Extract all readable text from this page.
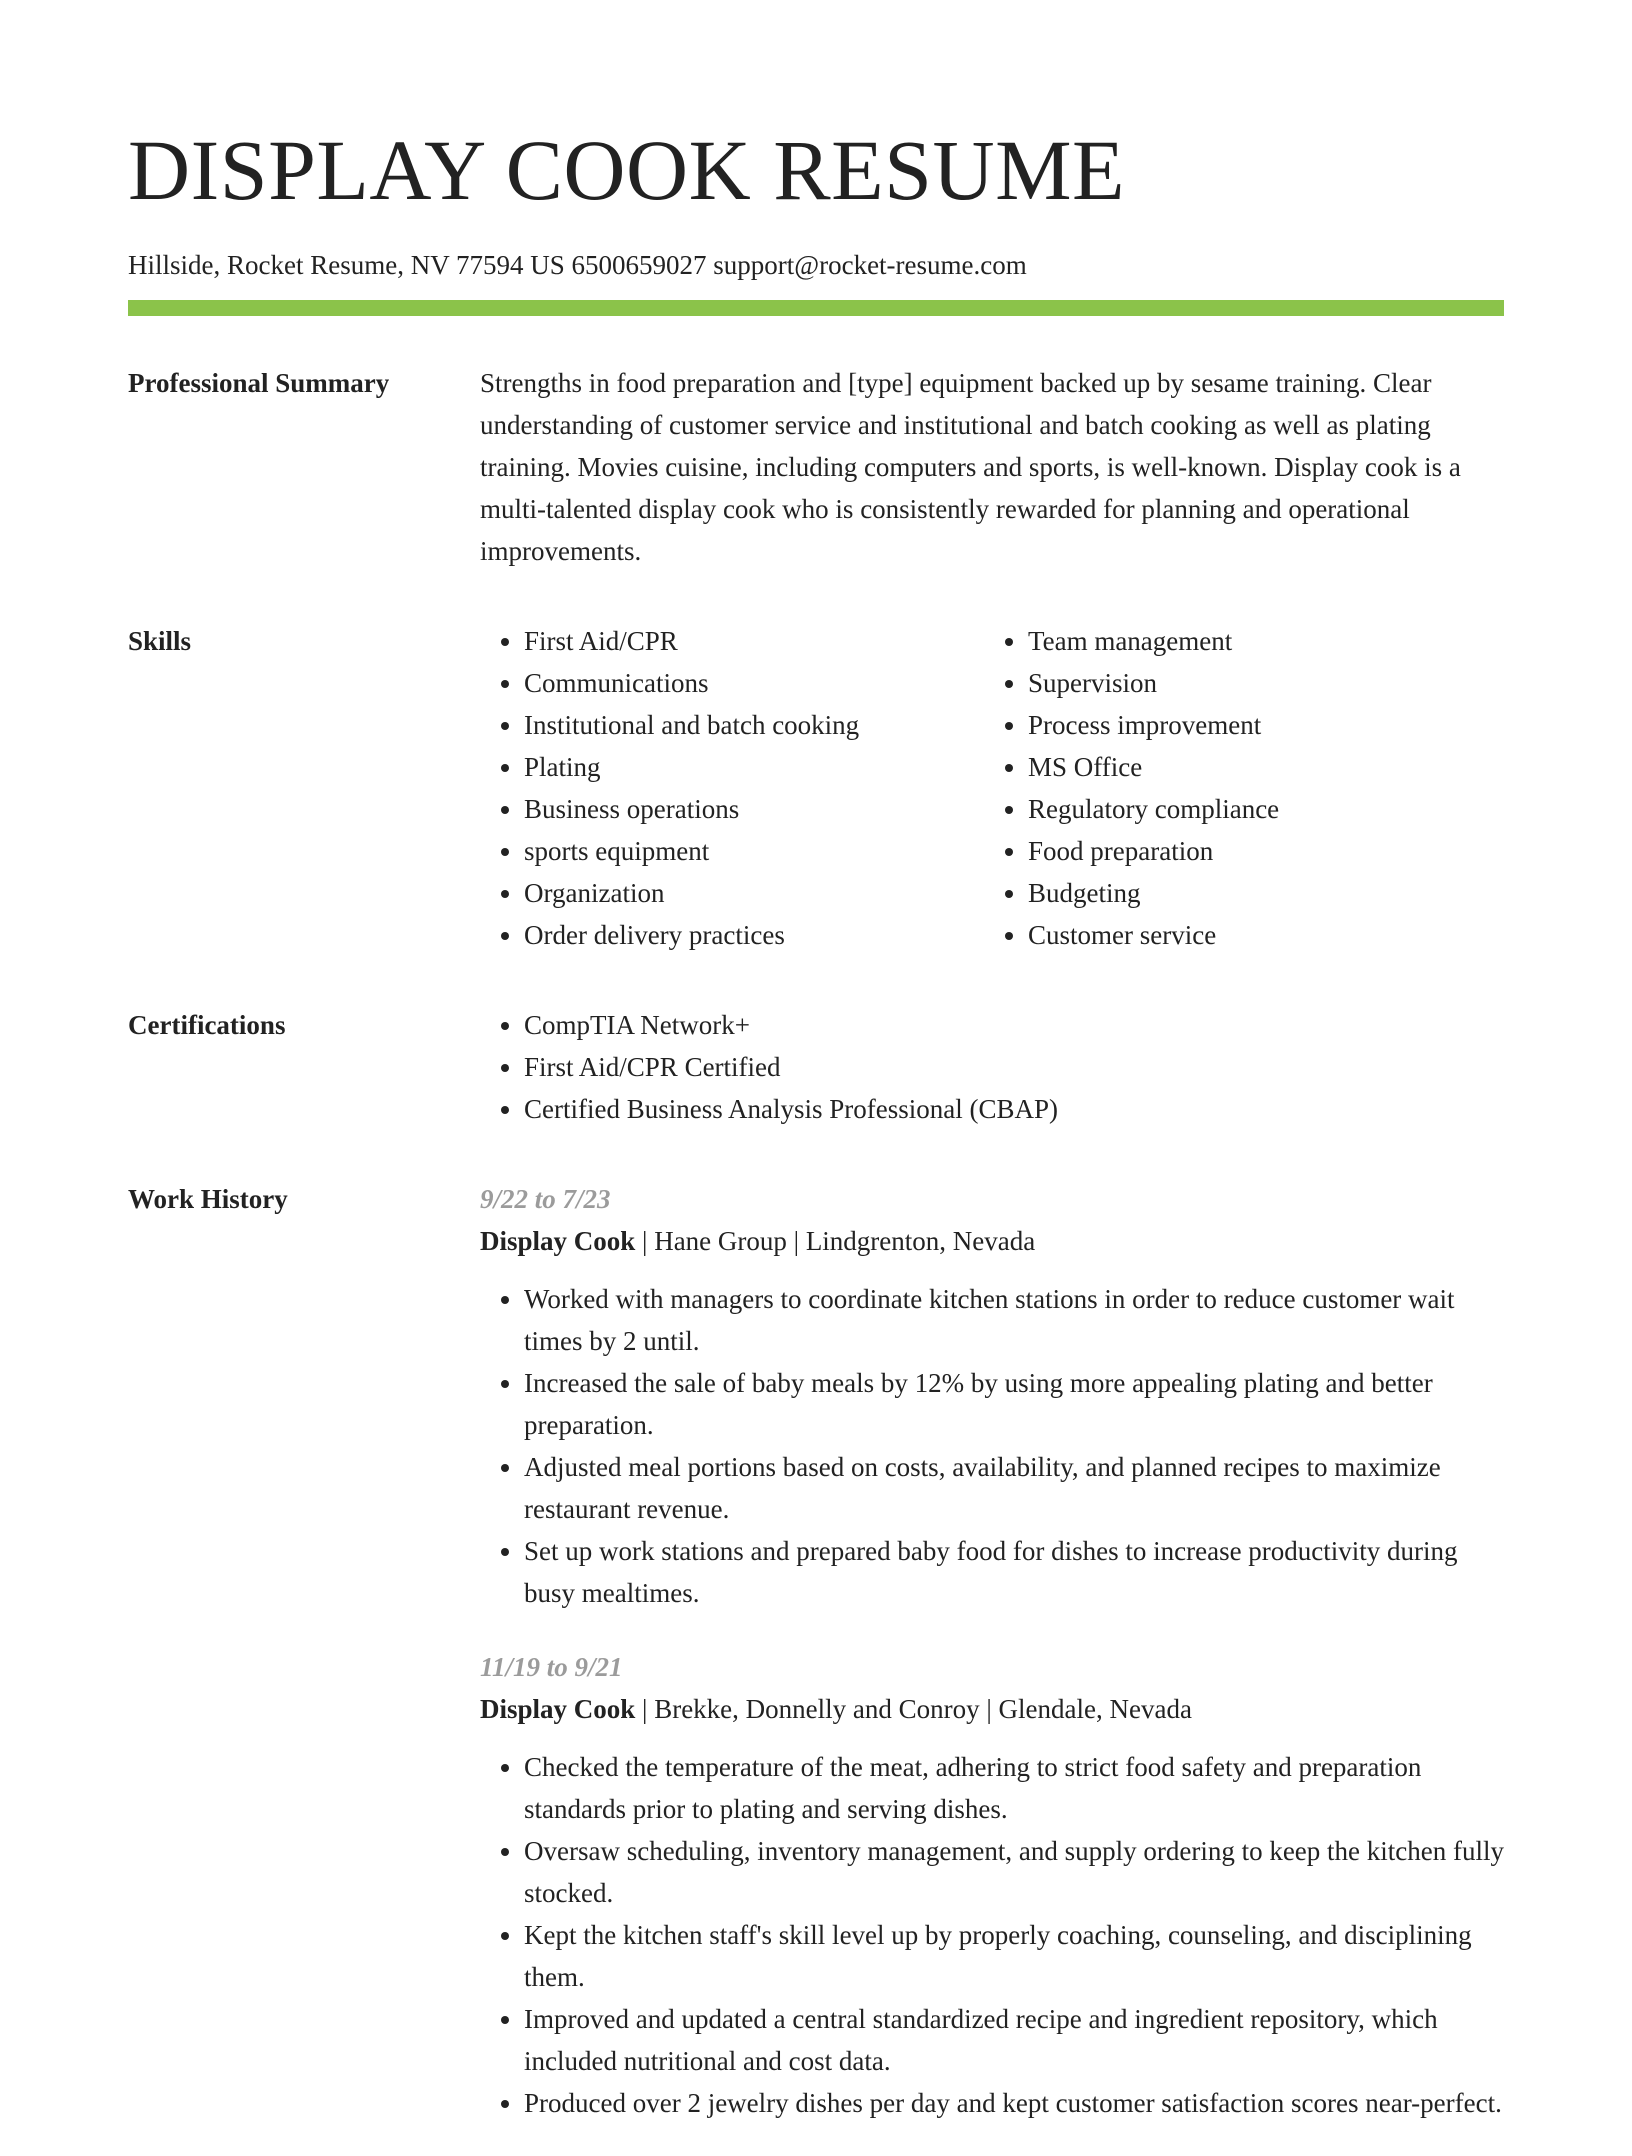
DISPLAY COOK RESUME
Hillside, Rocket Resume, NV 77594 US 6500659027 support@rocket-resume.com
Professional Summary	Strengths in food preparation and [type] equipment backed up by sesame training. Clear understanding of customer service and institutional and batch cooking as well as plating training. Movies cuisine, including computers and sports, is well-known. Display cook is a multi-talented display cook who is consistently rewarded for planning and operational improvements.

Skills	• First Aid/CPR
• Communications
• Institutional and batch cooking
• Plating
• Business operations
• sports equipment
• Organization
• Order delivery practices
• Team management
• Supervision
• Process improvement
• MS Office
• Regulatory compliance
• Food preparation
• Budgeting
• Customer service
Certifications	• CompTIA Network+
• First Aid/CPR Certified
• Certified Business Analysis Professional (CBAP)
Work History	9/22 to 7/23
Display Cook | Hane Group | Lindgrenton, Nevada
• Worked with managers to coordinate kitchen stations in order to reduce customer wait times by 2 until.
• Increased the sale of baby meals by 12% by using more appealing plating and better preparation.
• Adjusted meal portions based on costs, availability, and planned recipes to maximize restaurant revenue.
• Set up work stations and prepared baby food for dishes to increase productivity during busy mealtimes.
11/19 to 9/21
Display Cook | Brekke, Donnelly and Conroy | Glendale, Nevada
• Checked the temperature of the meat, adhering to strict food safety and preparation standards prior to plating and serving dishes.
• Oversaw scheduling, inventory management, and supply ordering to keep the kitchen fully stocked.
• Kept the kitchen staff's skill level up by properly coaching, counseling, and disciplining them.
• Improved and updated a central standardized recipe and ingredient repository, which included nutritional and cost data.
• Produced over 2 jewelry dishes per day and kept customer satisfaction scores near-perfect.
